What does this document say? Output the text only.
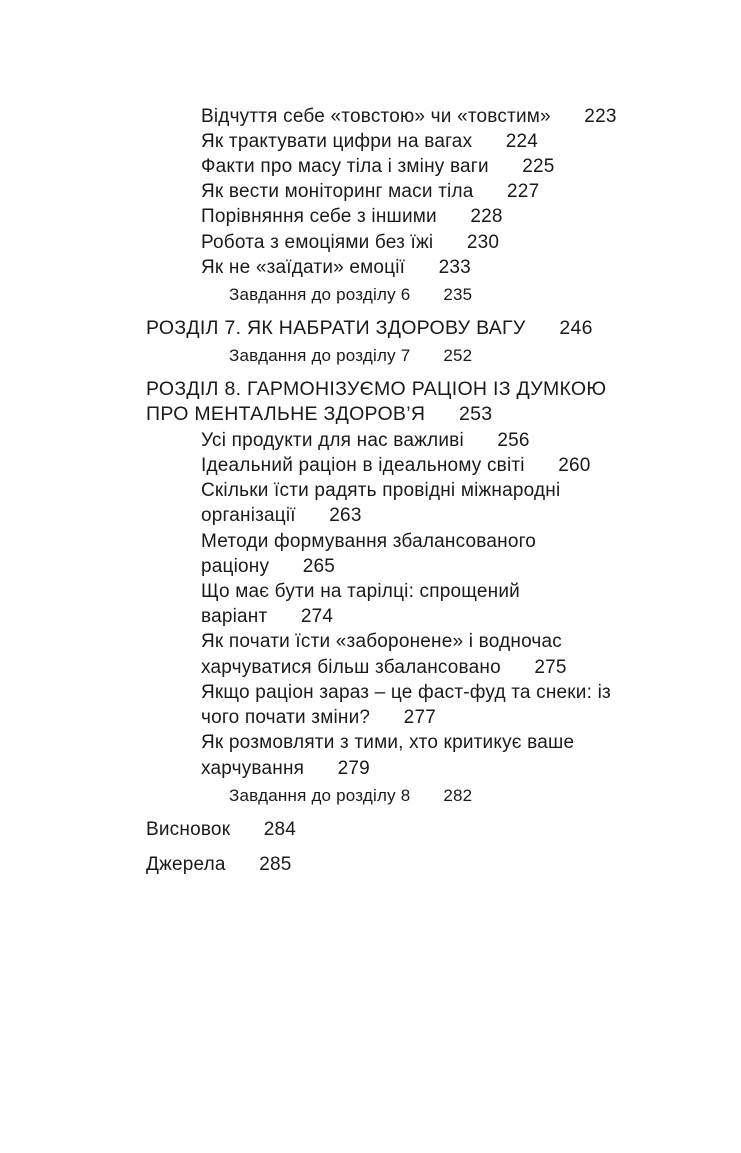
Відчуття себе «товстою» чи «товстим» 223
Як трактувати цифри на вагах 224
Факти про масу тіла і зміну ваги 225
Як вести моніторинг маси тіла 227
Порівняння себе з іншими 228
Робота з емоціями без їжі 230
Як не «заїдати» емоції 233
Завдання до розділу 6 235
РОЗДІЛ 7. ЯК НАБРАТИ ЗДОРОВУ ВАГУ 246
Завдання до розділу 7 252
РОЗДІЛ 8. ГАРМОНІЗУЄМО РАЦІОН ІЗ ДУМКОЮ
ПРО МЕНТАЛЬНЕ ЗДОРОВ’Я 253
Усі продукти для нас важливі 256
Ідеальний раціон в ідеальному світі 260
Скільки їсти радять провідні міжнародні
організації 263
Методи формування збалансованого
раціону 265
Що має бути на тарілці: спрощений
варіант 274
Як почати їсти «заборонене» і водночас
харчуватися більш збалансовано 275
Якщо раціон зараз – це фаст-фуд та снеки: із
чого почати зміни? 277
Як розмовляти з тими, хто критикує ваше
харчування 279
Завдання до розділу 8 282
Висновок 284
Джерела 285
